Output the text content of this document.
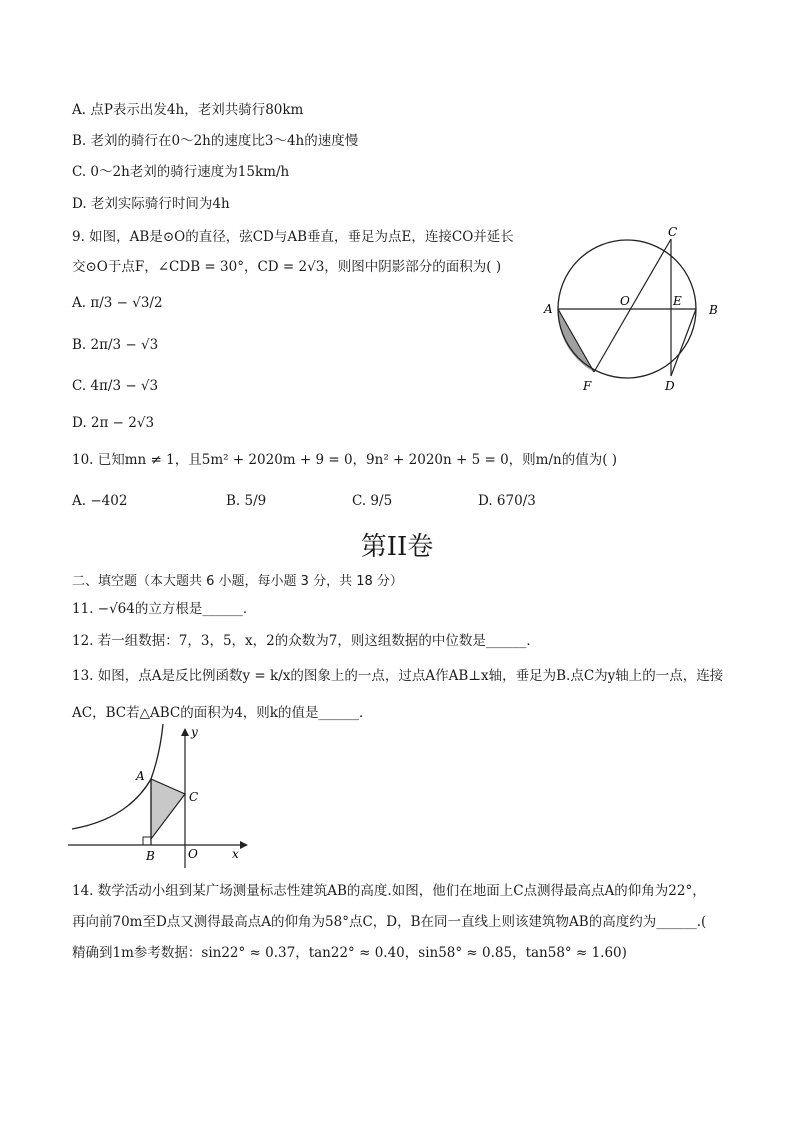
A. 点P表示出发4h，老刘共骑行80km
B. 老刘的骑行在0～2h的速度比3～4h的速度慢
C. 0～2h老刘的骑行速度为15km/h
D. 老刘实际骑行时间为4h
9. 如图，AB是⊙O的直径，弦CD与AB垂直，垂足为点E，连接CO并延长
交⊙O于点F，∠CDB = 30°，CD = 2√3，则图中阴影部分的面积为( )
A. π/3 − √3/2
B. 2π/3 − √3
C. 4π/3 − √3
D. 2π − 2√3
C
A
O	E
B
F	D
10. 已知mn ≠ 1，且5m² + 2020m + 9 = 0，9n² + 2020n + 5 = 0，则m/n的值为( )
A. −402	B. 5/9	C. 9/5	D. 670/3
第II卷
二、填空题（本大题共 6 小题，每小题 3 分，共 18 分）
11. −√64的立方根是______．
12. 若一组数据：7，3，5，x，2的众数为7，则这组数据的中位数是______．
13. 如图，点A是反比例函数y = k/x的图象上的一点，过点A作AB⊥x轴，垂足为B.点C为y轴上的一点，连接
AC，BC若△ABC的面积为4，则k的值是______．
y
A
C
B	O	x
14. 数学活动小组到某广场测量标志性建筑AB的高度.如图，他们在地面上C点测得最高点A的仰角为22°，
再向前70m至D点又测得最高点A的仰角为58°点C，D，B在同一直线上则该建筑物AB的高度约为______.(
精确到1m参考数据：sin22° ≈ 0.37，tan22° ≈ 0.40，sin58° ≈ 0.85，tan58° ≈ 1.60)
